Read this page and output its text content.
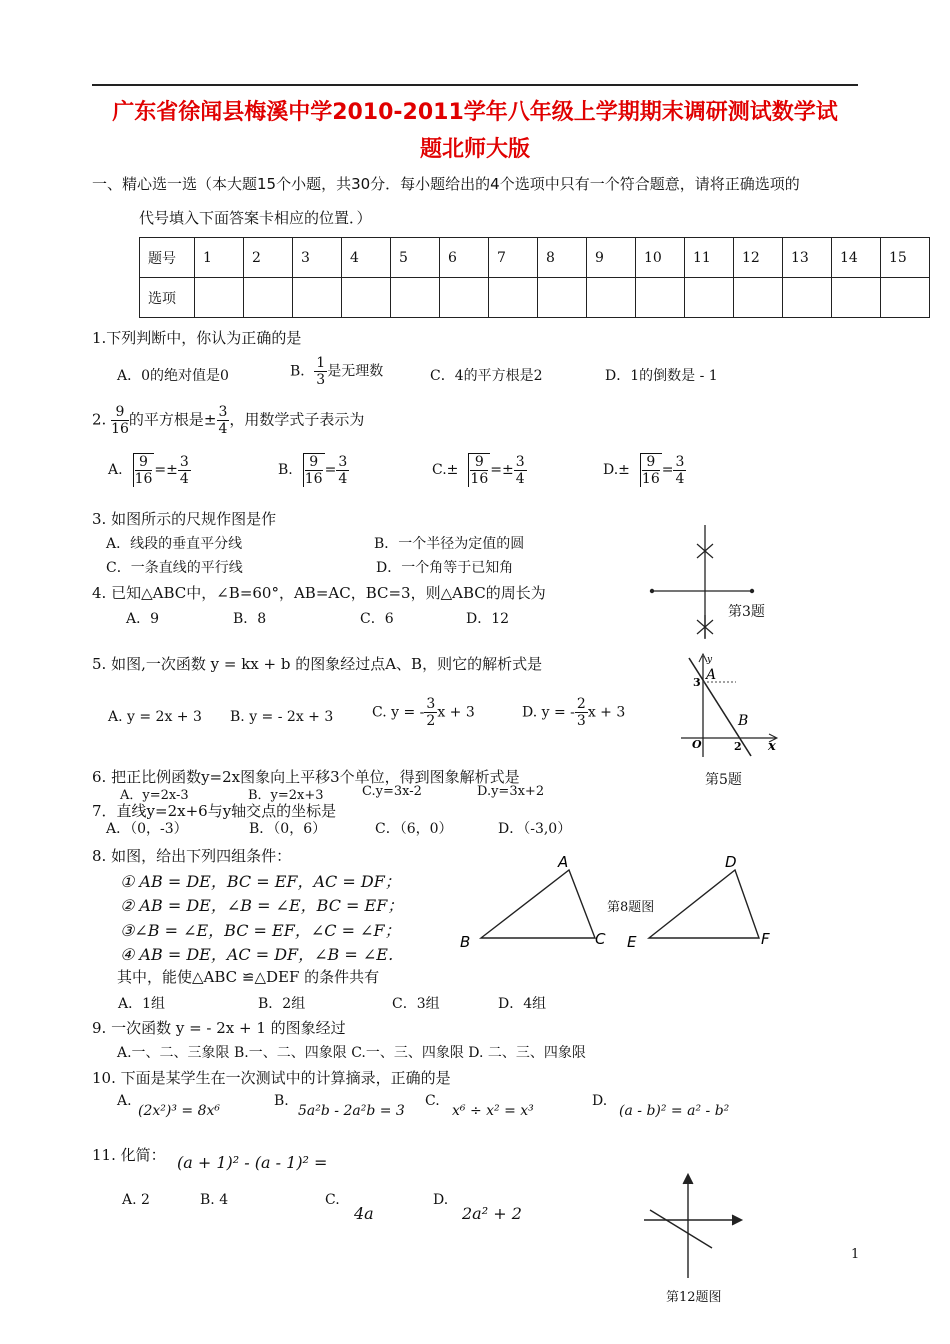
广东省徐闻县梅溪中学2010-2011学年八年级上学期期末调研测试数学试
题北师大版
一、精心选一选（本大题15个小题，共30分．每小题给出的4个选项中只有一个符合题意，请将正确选项的
代号填入下面答案卡相应的位置．）
题号	1	2	3	4	5	6	7	8	9	10	11	12	13	14	15
选项															
1.下列判断中，你认为正确的是
A．0的绝对值是0	B． $\frac{1}{3}$ 是无理数	C．4的平方根是2	D．1的倒数是 - 1
2. $\frac{9}{16}$ 的平方根是± $\frac{3}{4}$ ，用数学式子表示为
A. $\frac{9}{16} =\pm \frac{3}{4}$	B. $\frac{9}{16} = \frac{3}{4}$	$C.\pm \frac{9}{16} =\pm \frac{3}{4}$	$D.\pm \frac{9}{16} = \frac{3}{4}$
3. 如图所示的尺规作图是作
A．线段的垂直平分线	B．一个半径为定值的圆
C．一条直线的平行线	D．一个角等于已知角
4. 已知△ABC中，∠B=60°，AB=AC，BC=3，则△ABC的周长为
A．9	B．8	C．6	D．12	第3题
5. 如图,一次函数 y = kx + b 的图象经过点A、B，则它的解析式是
A. y = 2x + 3 B. y = - 2x + 3	C. y = - $\frac{3}{2}$ x + 3	D. y = - $\frac{2}{3}$ x + 3
A
B
3
2
O	x
y
第5题
6. 把正比例函数y=2x图象向上平移3个单位，得到图象解析式是
A．y=2x-3	B．y=2x+3	C.y=3x-2	D.y=3x+2
7．直线y=2x+6与y轴交点的坐标是
A．（0，-3）	B．（0，6）	C．（6，0）	D．（-3,0）
8. 如图，给出下列四组条件：
① AB = DE，BC = EF，AC = DF；
② AB = DE，∠B = ∠E，BC = EF；
③∠B = ∠E，BC = EF，∠C = ∠F；
④ AB = DE，AC = DF，∠B = ∠E．
其中，能使△ABC ≌△DEF 的条件共有
A．1组	B．2组	C．3组	D．4组
A
B	C
D
E	F
第8题图
9. 一次函数 y = - 2x + 1 的图象经过
A.一、二、三象限 B.一、二、四象限 C.一、三、四象限 D. 二、三、四象限
10. 下面是某学生在一次测试中的计算摘录，正确的是
A.
(2x²)³ = 8x⁶
B.
5a²b - 2a²b = 3
C.
x⁶ ÷ x² = x³
D.
(a - b)² = a² - b²
11. 化简： (a + 1)² - (a - 1)² =
A. 2	B. 4	C.
4a
D.
2a² + 2
第12题图
1
